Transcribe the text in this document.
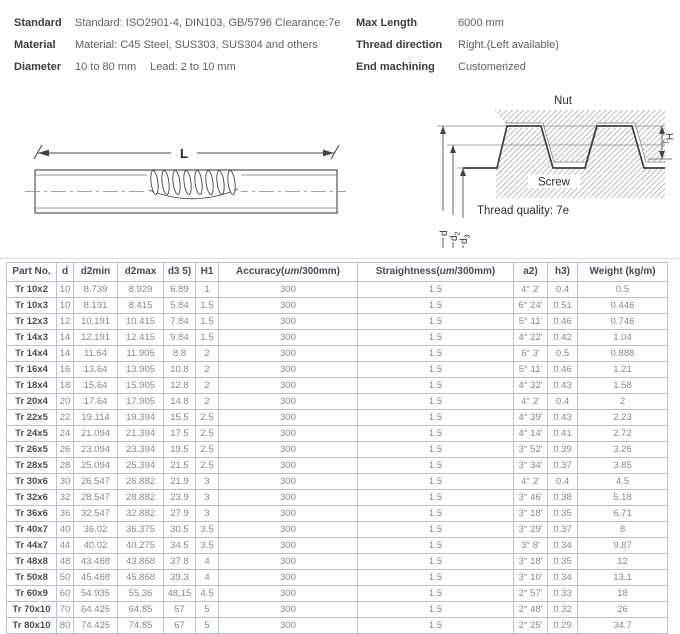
Standard	Standard: ISO2901-4, DIN103, GB/5796 Clearance:7e
Material	Material: C45 Steel, SUS303, SUS304 and others
Diameter	10 to 80 mm Lead: 2 to 10 mm
Max Length	6000 mm
Thread direction	Right.(Left available)
End machining	Customerized
L
$H_1$
d
$d_2$
$d_3$
Nut
Screw
Thread quality: 7e
Part No.	d	d2min	d2max	d3 5)	H1	Accuracy(um/300mm)	Straightness(um/300mm)	a2)	h3)	Weight (kg/m)
Tr 10x2	10	8.739	8.929	6.89	1	300	1.5	4° 2'	0.4	0.5
Tr 10x3	10	8.191	8.415	5.84	1.5	300	1.5	6° 24'	0.51	0.446
Tr 12x3	12	10.191	10.415	7.84	1.5	300	1.5	5° 11'	0.46	0.746
Tr 14x3	14	12.191	12.415	9.84	1.5	300	1.5	4° 22'	0.42	1.04
Tr 14x4	14	11.64	11.905	8.8	2	300	1.5	6° 3'	0.5	0.888
Tr 16x4	16	13.64	13.905	10.8	2	300	1.5	5° 11'	0.46	1.21
Tr 18x4	18	15.64	15.905	12.8	2	300	1.5	4° 32'	0.43	1.58
Tr 20x4	20	17.64	17.905	14.8	2	300	1.5	4° 2'	0.4	2
Tr 22x5	22	19.114	19.394	15.5	2.5	300	1.5	4° 39'	0.43	2.23
Tr 24x5	24	21.094	21.394	17.5	2.5	300	1.5	4° 14'	0.41	2.72
Tr 26x5	26	23.094	23.394	19.5	2.5	300	1.5	3° 52'	0.39	3.26
Tr 28x5	28	25.094	25.394	21.5	2.5	300	1.5	3° 34'	0.37	3.85
Tr 30x6	30	26.547	26.882	21.9	3	300	1.5	4° 2'	0.4	4.5
Tr 32x6	32	28.547	28.882	23.9	3	300	1.5	3° 46'	0.38	5.18
Tr 36x6	36	32.547	32.882	27.9	3	300	1.5	3° 18'	0.35	6.71
Tr 40x7	40	36.02	36.375	30.5	3.5	300	1.5	3° 29'	0.37	8
Tr 44x7	44	40.02	40.275	34.5	3.5	300	1.5	3° 8'	0.34	9.87
Tr 48x8	48	43.468	43.868	37.8	4	300	1.5	3° 18'	0.35	12
Tr 50x8	50	45.468	45.868	39.3	4	300	1.5	3° 10'	0.34	13.1
Tr 60x9	60	54.935	55.36	48.15	4.5	300	1.5	2° 57'	0.33	18
Tr 70x10	70	64.425	64.85	57	5	300	1.5	2° 48'	0.32	26
Tr 80x10	80	74.425	74.85	67	5	300	1.5	2° 25'	0.29	34.7
